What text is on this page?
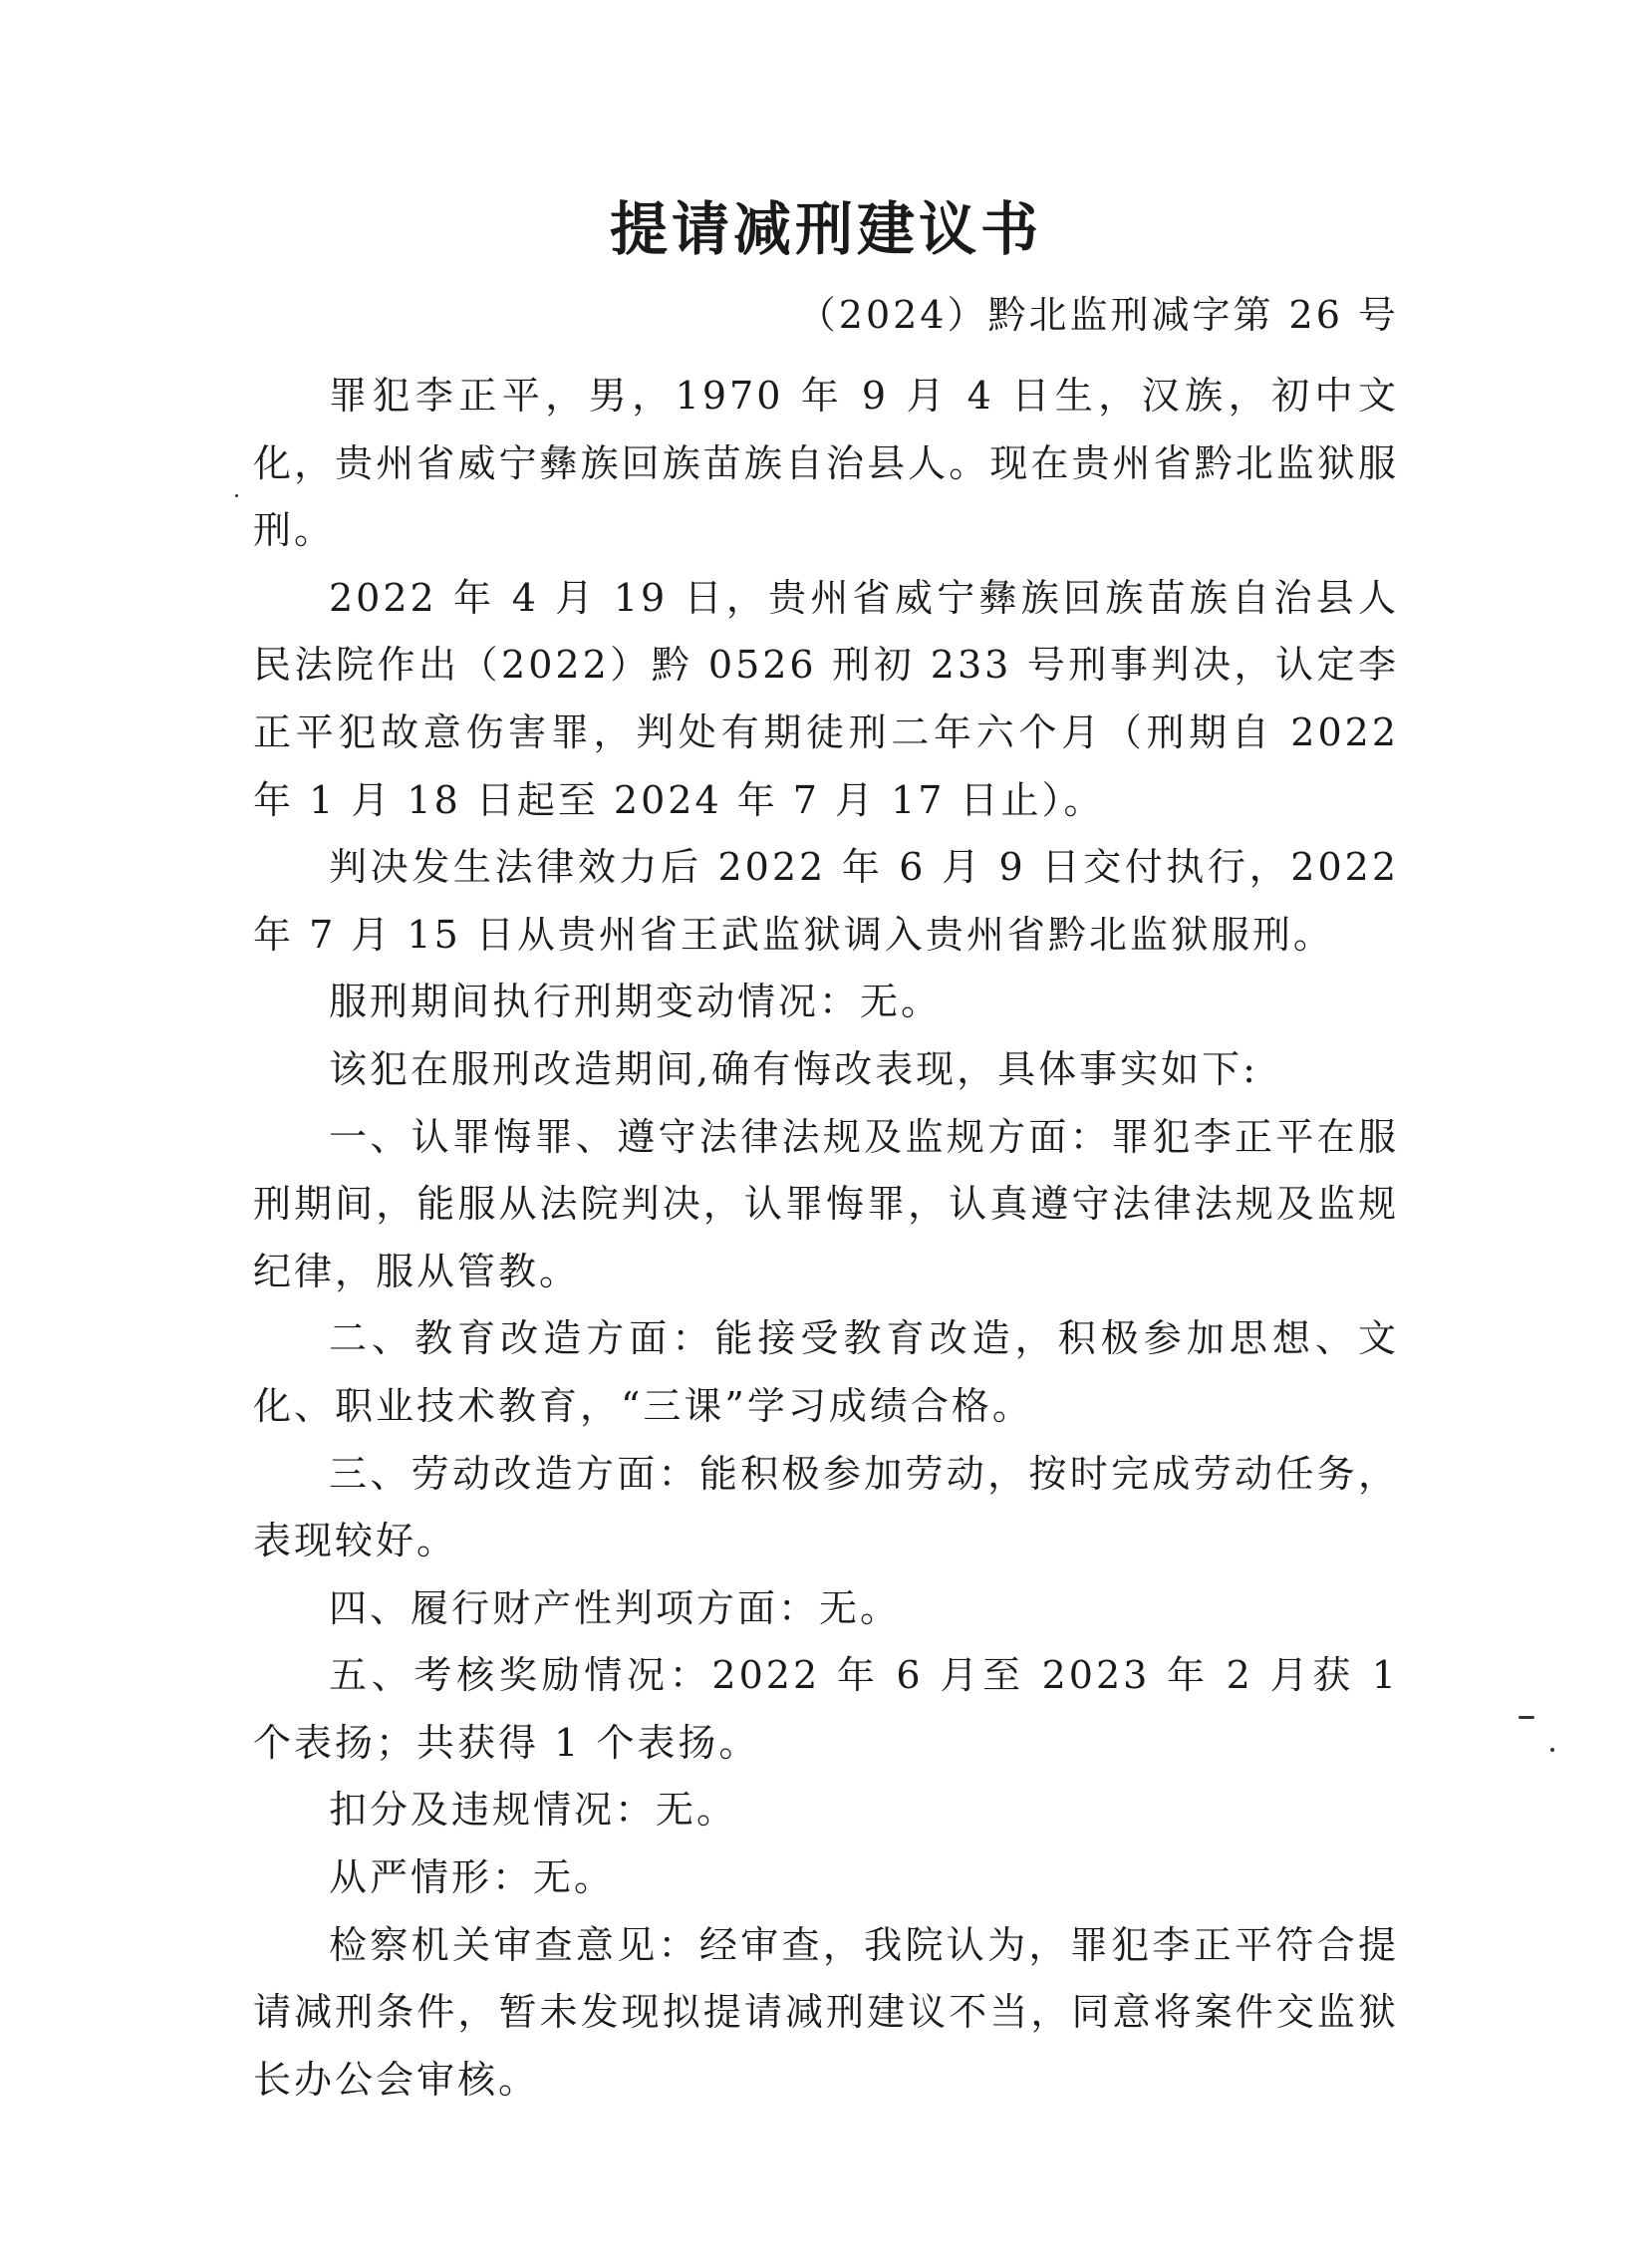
提请减刑建议书
（2024）黔北监刑减字第 26 号

罪犯李正平，男，1970 年 9 月 4 日生，汉族，初中文化，贵州省威宁彝族回族苗族自治县人。现在贵州省黔北监狱服刑。

2022 年 4 月 19 日，贵州省威宁彝族回族苗族自治县人民法院作出（2022）黔 0526 刑初 233 号刑事判决，认定李正平犯故意伤害罪，判处有期徒刑二年六个月（刑期自 2022 年 1 月 18 日起至 2024 年 7 月 17 日止）。

判决发生法律效力后 2022 年 6 月 9 日交付执行，2022 年 7 月 15 日从贵州省王武监狱调入贵州省黔北监狱服刑。

服刑期间执行刑期变动情况：无。

该犯在服刑改造期间,确有悔改表现，具体事实如下:

一、认罪悔罪、遵守法律法规及监规方面：罪犯李正平在服刑期间，能服从法院判决，认罪悔罪，认真遵守法律法规及监规纪律，服从管教。

二、教育改造方面：能接受教育改造，积极参加思想、文化、职业技术教育，“三课”学习成绩合格。

三、劳动改造方面：能积极参加劳动，按时完成劳动任务，表现较好。

四、履行财产性判项方面：无。

五、考核奖励情况：2022 年 6 月至 2023 年 2 月获 1 个表扬；共获得 1 个表扬。

扣分及违规情况：无。

从严情形：无。

检察机关审查意见：经审查，我院认为，罪犯李正平符合提请减刑条件，暂未发现拟提请减刑建议不当，同意将案件交监狱长办公会审核。
